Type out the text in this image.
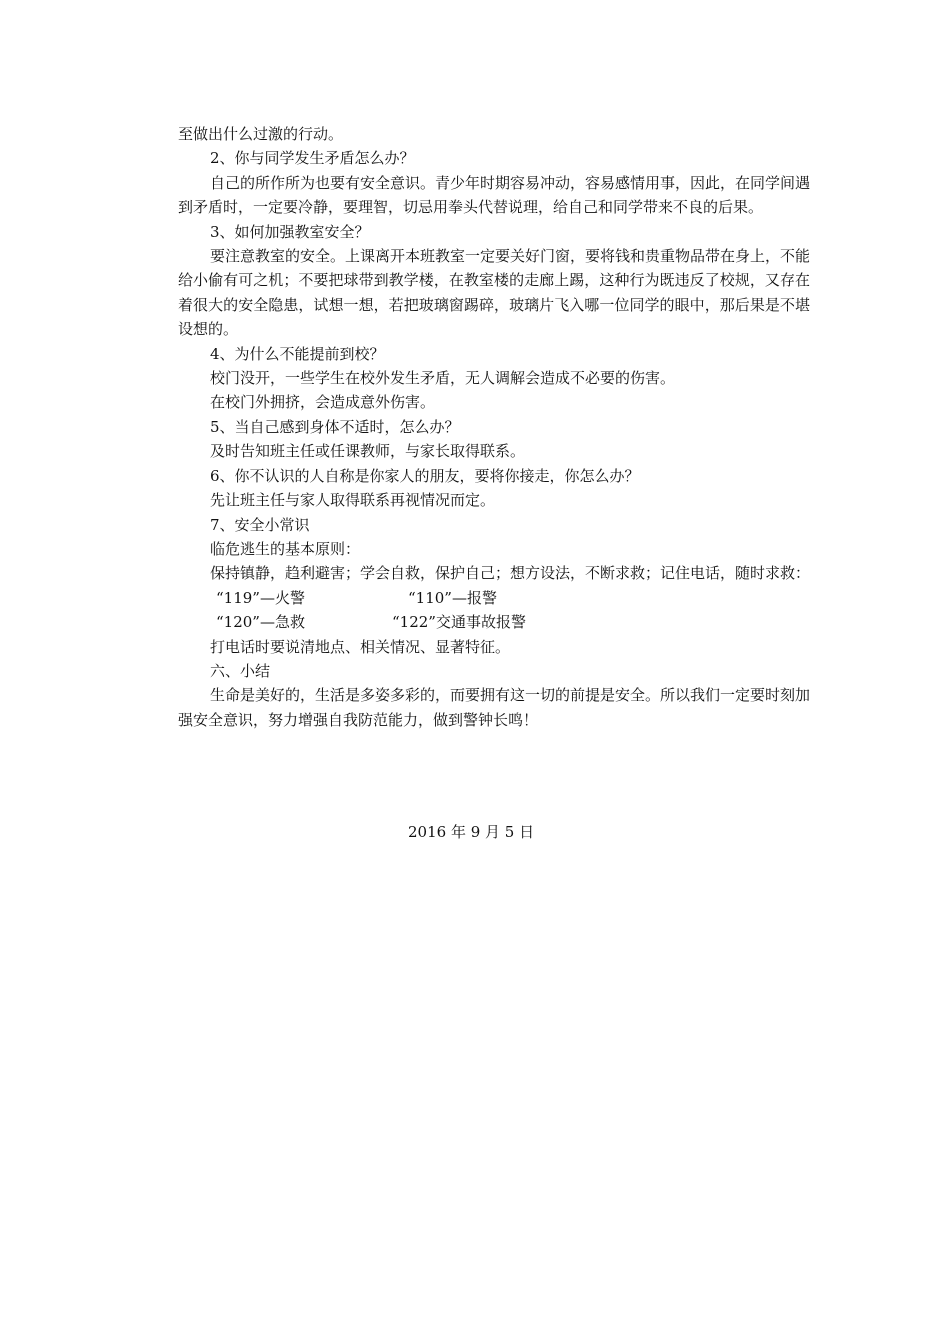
至做出什么过激的行动。

2、你与同学发生矛盾怎么办？

自己的所作所为也要有安全意识。青少年时期容易冲动，容易感情用事，因此，在同学间遇到矛盾时，一定要冷静，要理智，切忌用拳头代替说理，给自己和同学带来不良的后果。

3、如何加强教室安全？

要注意教室的安全。上课离开本班教室一定要关好门窗，要将钱和贵重物品带在身上，不能给小偷有可之机；不要把球带到教学楼，在教室楼的走廊上踢，这种行为既违反了校规，又存在着很大的安全隐患，试想一想，若把玻璃窗踢碎，玻璃片飞入哪一位同学的眼中，那后果是不堪设想的。

4、为什么不能提前到校？

校门没开，一些学生在校外发生矛盾，无人调解会造成不必要的伤害。

在校门外拥挤，会造成意外伤害。

5、当自己感到身体不适时，怎么办？

及时告知班主任或任课教师，与家长取得联系。

6、你不认识的人自称是你家人的朋友，要将你接走，你怎么办？

先让班主任与家人取得联系再视情况而定。

7、安全小常识

临危逃生的基本原则：

保持镇静，趋利避害；学会自救，保护自己；想方设法，不断求救；记住电话，随时求救：

“119”—火警	“110”—报警
“120”—急救	“122”交通事故报警

打电话时要说清地点、相关情况、显著特征。

六、小结

生命是美好的，生活是多姿多彩的，而要拥有这一切的前提是安全。所以我们一定要时刻加强安全意识，努力增强自我防范能力，做到警钟长鸣！

2016 年 9 月 5 日
